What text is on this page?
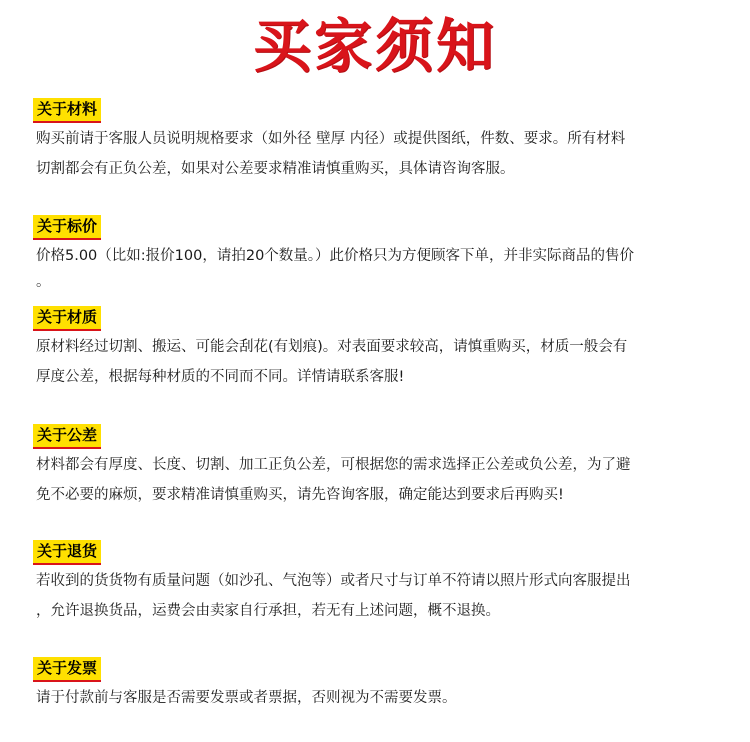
买家须知
关于材料
购买前请于客服人员说明规格要求（如外径 壁厚 内径）或提供图纸，件数、要求。所有材料
切割都会有正负公差，如果对公差要求精准请慎重购买，具体请咨询客服。
关于标价
价格5.00（比如:报价100，请拍20个数量。）此价格只为方便顾客下单，并非实际商品的售价
。
关于材质
原材料经过切割、搬运、可能会刮花(有划痕)。对表面要求较高，请慎重购买，材质一般会有
厚度公差，根据每种材质的不同而不同。详情请联系客服!
关于公差
材料都会有厚度、长度、切割、加工正负公差，可根据您的需求选择正公差或负公差，为了避
免不必要的麻烦，要求精准请慎重购买，请先咨询客服，确定能达到要求后再购买!
关于退货
若收到的货货物有质量问题（如沙孔、气泡等）或者尺寸与订单不符请以照片形式向客服提出
，允许退换货品，运费会由卖家自行承担，若无有上述问题，概不退换。
关于发票
请于付款前与客服是否需要发票或者票据，否则视为不需要发票。
